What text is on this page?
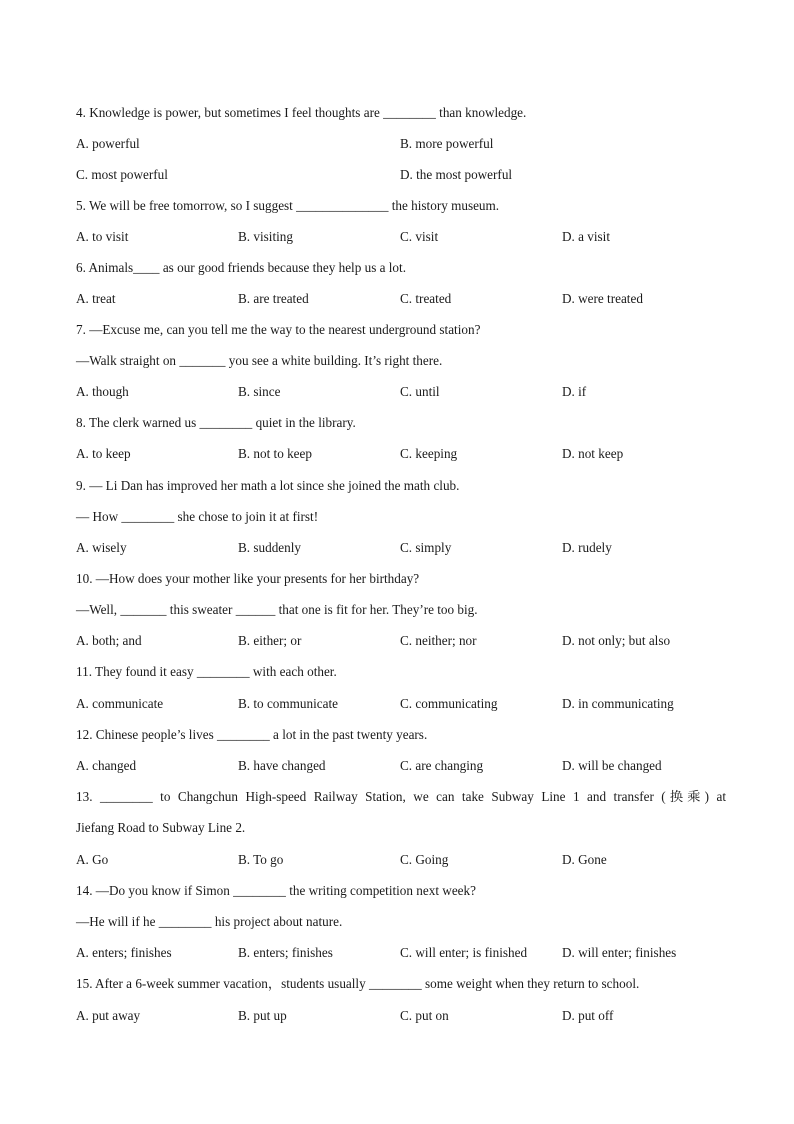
4. Knowledge is power, but sometimes I feel thoughts are ________ than knowledge.
A. powerful	B. more powerful
C. most powerful	D. the most powerful
5. We will be free tomorrow, so I suggest ______________ the history museum.
A. to visit	B. visiting	C. visit	D. a visit
6. Animals____ as our good friends because they help us a lot.
A. treat	B. are treated	C. treated	D. were treated
7. —Excuse me, can you tell me the way to the nearest underground station?
—Walk straight on _______ you see a white building. It’s right there.
A. though	B. since	C. until	D. if
8. The clerk warned us ________ quiet in the library.
A. to keep	B. not to keep	C. keeping	D. not keep
9. — Li Dan has improved her math a lot since she joined the math club.
— How ________ she chose to join it at first!
A. wisely	B. suddenly	C. simply	D. rudely
10. —How does your mother like your presents for her birthday?
—Well, _______ this sweater ______ that one is fit for her. They’re too big.
A. both; and	B. either; or	C. neither; nor	D. not only; but also
11. They found it easy ________ with each other.
A. communicate	B. to communicate	C. communicating	D. in communicating
12. Chinese people’s lives ________ a lot in the past twenty years.
A. changed	B. have changed	C. are changing	D. will be changed
13. ________ to Changchun High-speed Railway Station, we can take Subway Line 1 and transfer (换乘) at
Jiefang Road to Subway Line 2.
A. Go	B. To go	C. Going	D. Gone
14. —Do you know if Simon ________ the writing competition next week?
—He will if he ________ his project about nature.
A. enters; finishes	B. enters; finishes	C. will enter; is finished	D. will enter; finishes
15. After a 6-week summer vacation，students usually ________ some weight when they return to school.
A. put away	B. put up	C. put on	D. put off
